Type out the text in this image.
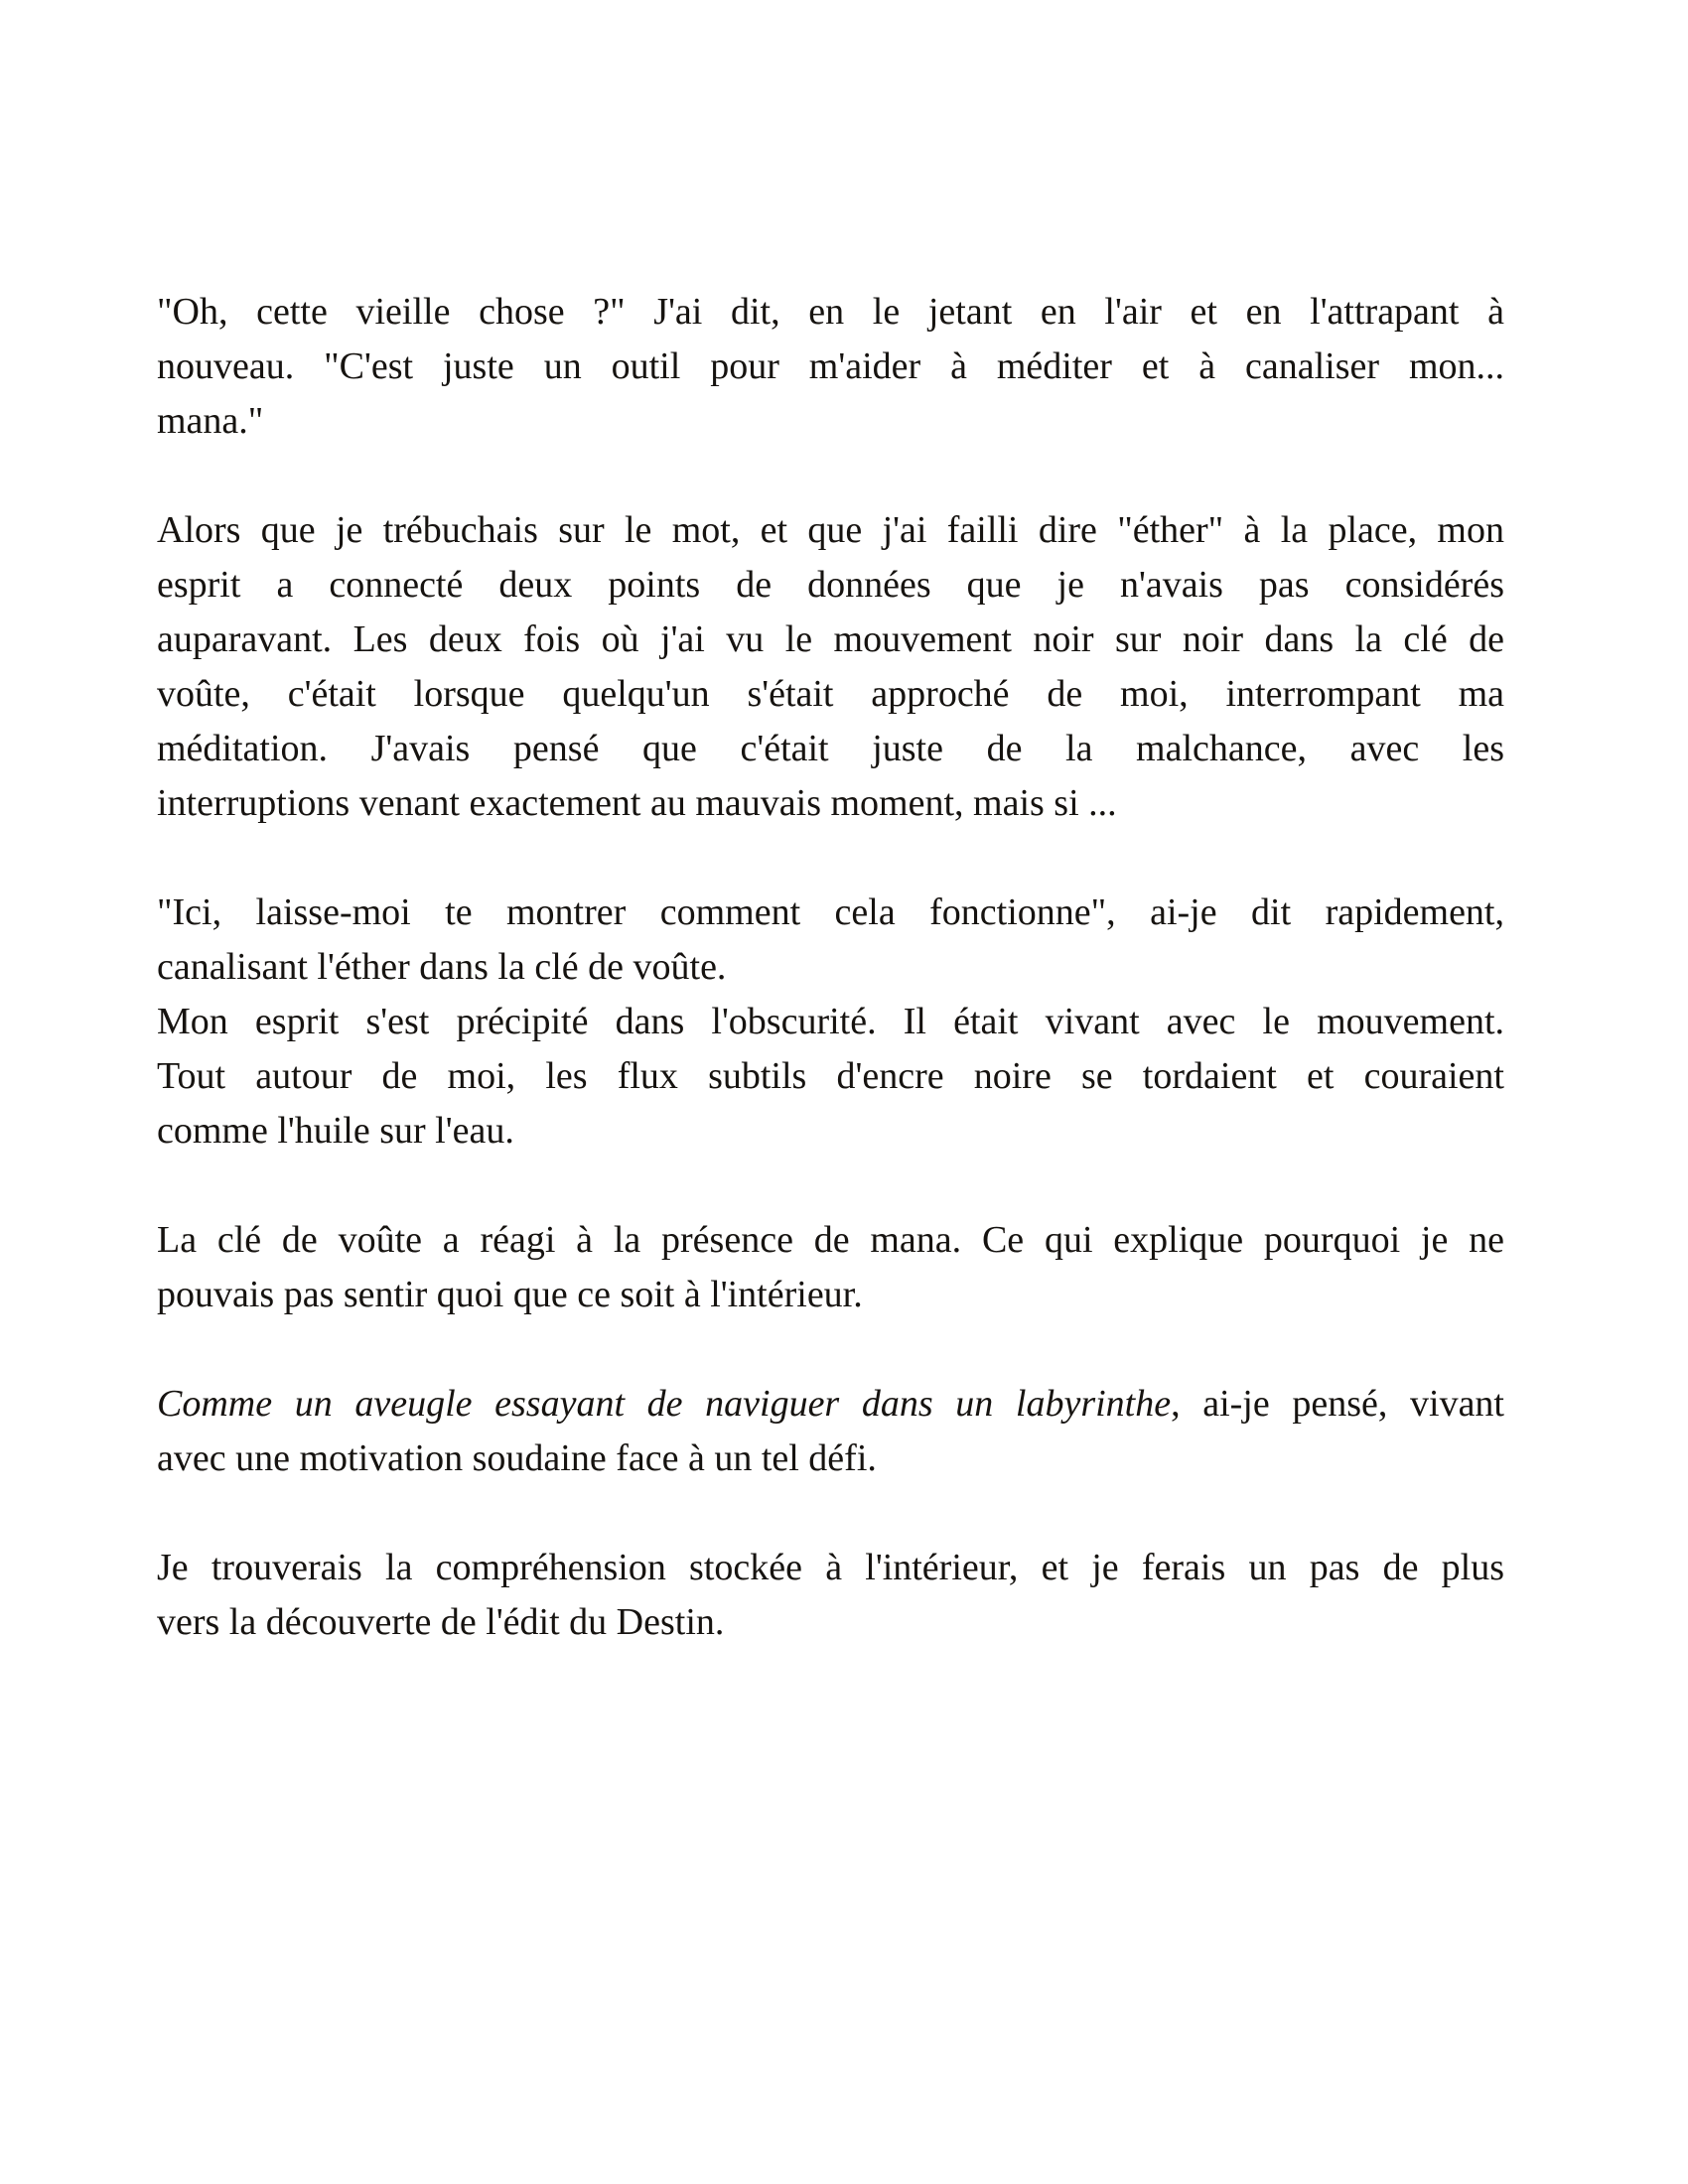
"Oh, cette vieille chose ?" J'ai dit, en le jetant en l'air et en l'attrapant à
nouveau. "C'est juste un outil pour m'aider à méditer et à canaliser mon...
mana."
Alors que je trébuchais sur le mot, et que j'ai failli dire "éther" à la place, mon
esprit a connecté deux points de données que je n'avais pas considérés
auparavant. Les deux fois où j'ai vu le mouvement noir sur noir dans la clé de
voûte, c'était lorsque quelqu'un s'était approché de moi, interrompant ma
méditation. J'avais pensé que c'était juste de la malchance, avec les
interruptions venant exactement au mauvais moment, mais si ...
"Ici, laisse-moi te montrer comment cela fonctionne", ai-je dit rapidement,
canalisant l'éther dans la clé de voûte.
Mon esprit s'est précipité dans l'obscurité. Il était vivant avec le mouvement.
Tout autour de moi, les flux subtils d'encre noire se tordaient et couraient
comme l'huile sur l'eau.
La clé de voûte a réagi à la présence de mana. Ce qui explique pourquoi je ne
pouvais pas sentir quoi que ce soit à l'intérieur.
Comme un aveugle essayant de naviguer dans un labyrinthe, ai-je pensé, vivant
avec une motivation soudaine face à un tel défi.
Je trouverais la compréhension stockée à l'intérieur, et je ferais un pas de plus
vers la découverte de l'édit du Destin.
